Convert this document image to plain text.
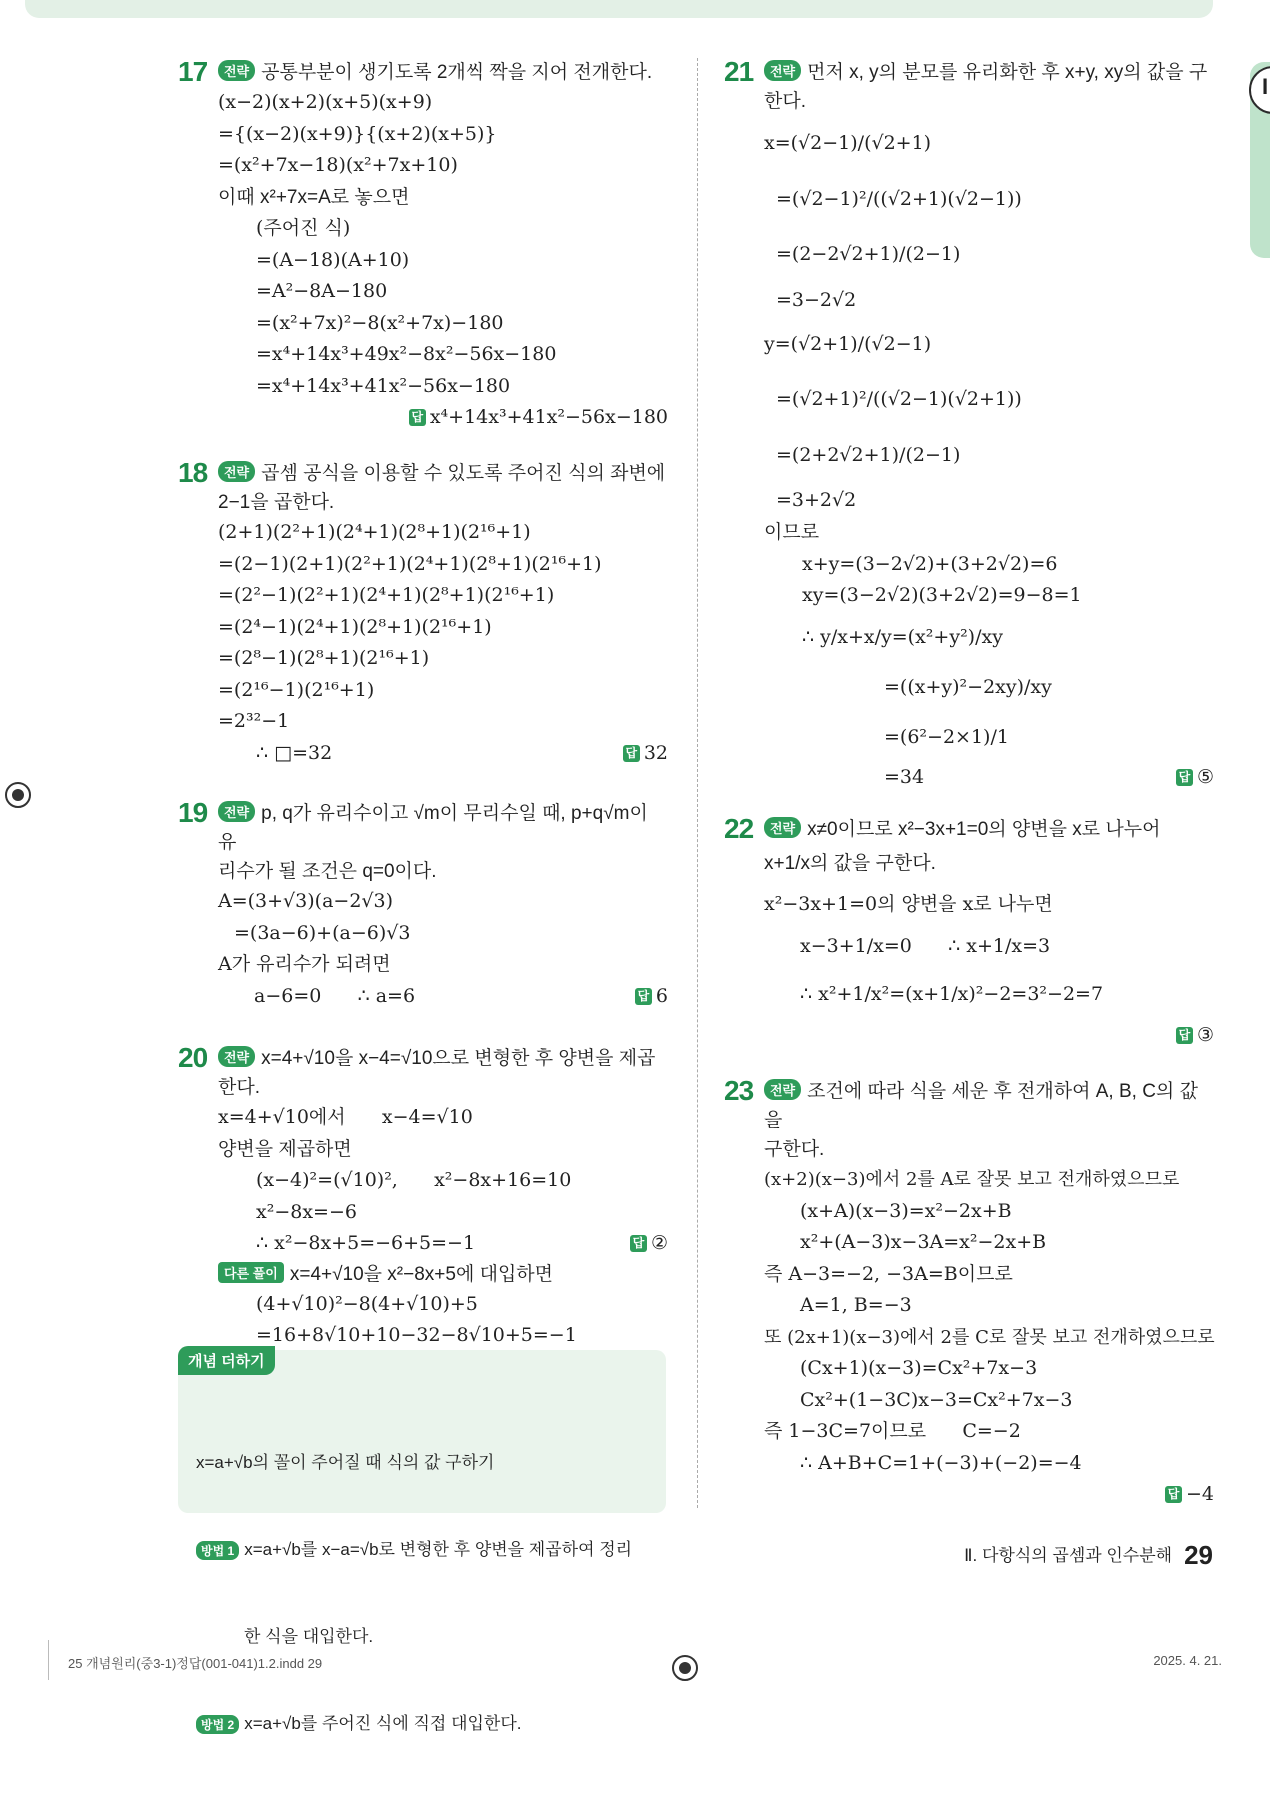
I
17	전략 공통부분이 생기도록 2개씩 짝을 지어 전개한다.
(x−2)(x+2)(x+5)(x+9)
={(x−2)(x+9)}{(x+2)(x+5)}
=(x²+7x−18)(x²+7x+10)
이때 x²+7x=A로 놓으면
(주어진 식)
=(A−18)(A+10)
=A²−8A−180
=(x²+7x)²−8(x²+7x)−180
=x⁴+14x³+49x²−8x²−56x−180
=x⁴+14x³+41x²−56x−180
답 x⁴+14x³+41x²−56x−180
18	전략 곱셈 공식을 이용할 수 있도록 주어진 식의 좌변에
2−1을 곱한다.
(2+1)(2²+1)(2⁴+1)(2⁸+1)(2¹⁶+1)
=(2−1)(2+1)(2²+1)(2⁴+1)(2⁸+1)(2¹⁶+1)
=(2²−1)(2²+1)(2⁴+1)(2⁸+1)(2¹⁶+1)
=(2⁴−1)(2⁴+1)(2⁸+1)(2¹⁶+1)
=(2⁸−1)(2⁸+1)(2¹⁶+1)
=(2¹⁶−1)(2¹⁶+1)
=2³²−1
∴ □=32	답 32
19	전략 p, q가 유리수이고 √m이 무리수일 때, p+q√m이 유
리수가 될 조건은 q=0이다.
A=(3+√3)(a−2√3)
=(3a−6)+(a−6)√3
A가 유리수가 되려면
a−6=0      ∴ a=6	답 6
20	전략 x=4+√10을 x−4=√10으로 변형한 후 양변을 제곱
한다.
x=4+√10에서      x−4=√10
양변을 제곱하면
(x−4)²=(√10)²,      x²−8x+16=10
x²−8x=−6
∴ x²−8x+5=−6+5=−1	답 ②
다른 풀이 x=4+√10을 x²−8x+5에 대입하면
(4+√10)²−8(4+√10)+5
=16+8√10+10−32−8√10+5=−1
개념 더하기

x=a+√b의 꼴이 주어질 때 식의 값 구하기

방법 1 x=a+√b를 x−a=√b로 변형한 후 양변을 제곱하여 정리

한 식을 대입한다.

방법 2 x=a+√b를 주어진 식에 직접 대입한다.

21	전략 먼저 x, y의 분모를 유리화한 후 x+y, xy의 값을 구
한다.
x=(√2−1)/(√2+1)
=(√2−1)²/((√2+1)(√2−1))
=(2−2√2+1)/(2−1)
=3−2√2
y=(√2+1)/(√2−1)
=(√2+1)²/((√2−1)(√2+1))
=(2+2√2+1)/(2−1)
=3+2√2
이므로
x+y=(3−2√2)+(3+2√2)=6
xy=(3−2√2)(3+2√2)=9−8=1
∴ y/x+x/y=(x²+y²)/xy
=((x+y)²−2xy)/xy
=(6²−2×1)/1
=34	답 ⑤
22	전략 x≠0이므로 x²−3x+1=0의 양변을 x로 나누어
x+1/x의 값을 구한다.
x²−3x+1=0의 양변을 x로 나누면
x−3+1/x=0      ∴ x+1/x=3
∴ x²+1/x²=(x+1/x)²−2=3²−2=7
답 ③
23	전략 조건에 따라 식을 세운 후 전개하여 A, B, C의 값을
구한다.
(x+2)(x−3)에서 2를 A로 잘못 보고 전개하였으므로
(x+A)(x−3)=x²−2x+B
x²+(A−3)x−3A=x²−2x+B
즉 A−3=−2, −3A=B이므로
A=1, B=−3
또 (2x+1)(x−3)에서 2를 C로 잘못 보고 전개하였으므로
(Cx+1)(x−3)=Cx²+7x−3
Cx²+(1−3C)x−3=Cx²+7x−3
즉 1−3C=7이므로      C=−2
∴ A+B+C=1+(−3)+(−2)=−4
답 −4
Ⅱ. 다항식의 곱셈과 인수분해 29
25 개념원리(중3-1)정답(001-041)1.2.indd 29	2025. 4. 21.
